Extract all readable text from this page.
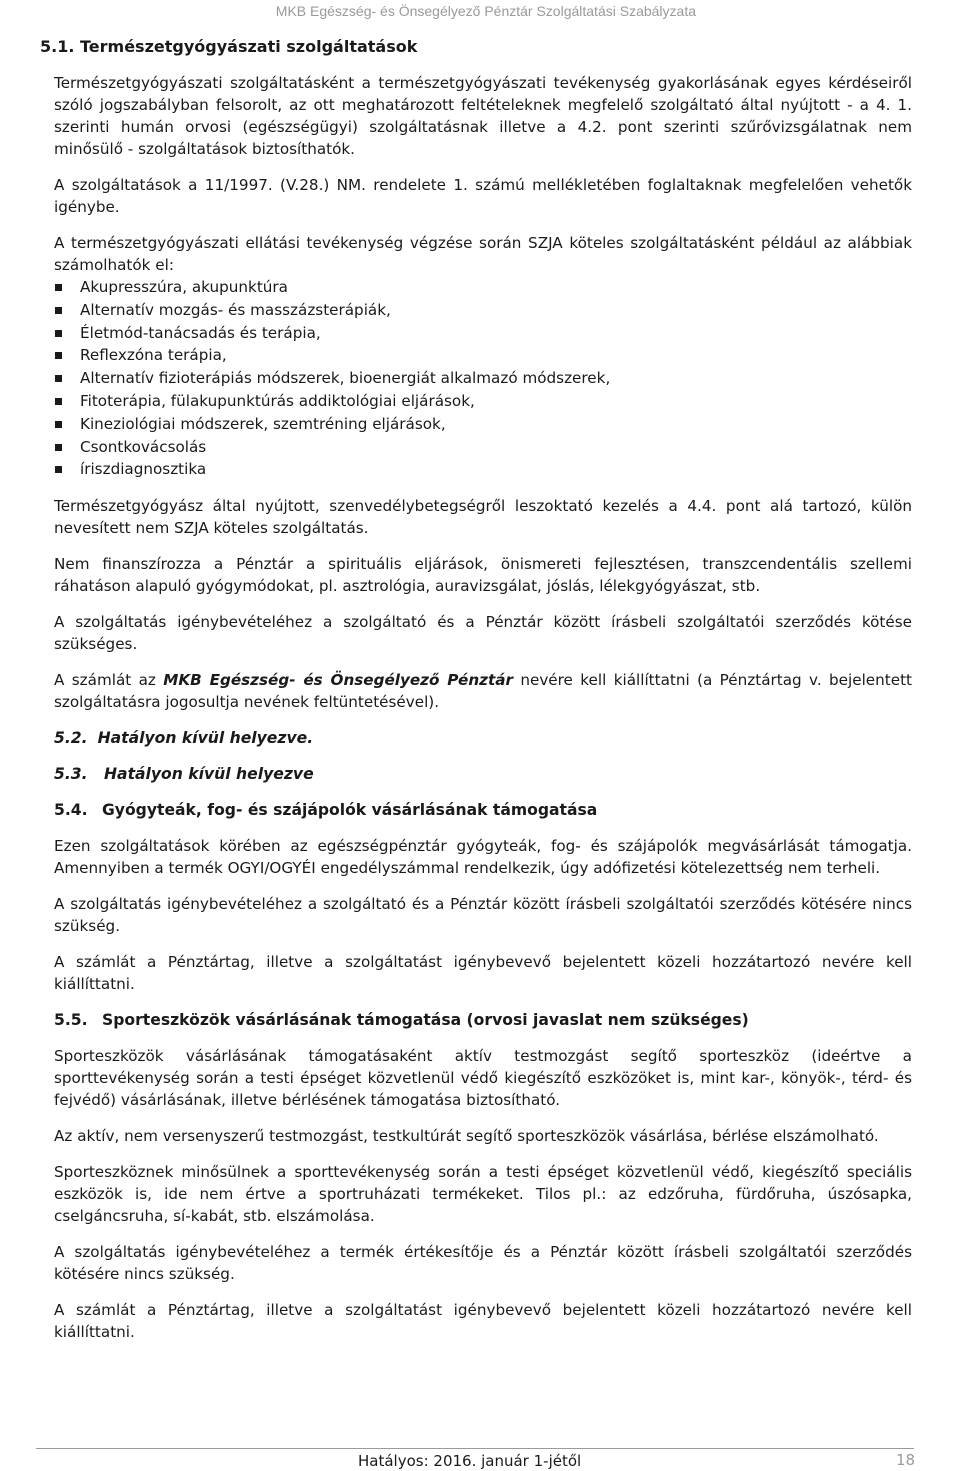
MKB Egészség- és Önsegélyező Pénztár Szolgáltatási Szabályzata
5.1. Természetgyógyászati szolgáltatások

Természetgyógyászati szolgáltatásként a természetgyógyászati tevékenység gyakorlásának egyes kérdéseiről szóló jogszabályban felsorolt, az ott meghatározott feltételeknek megfelelő szolgáltató által nyújtott - a 4. 1. szerinti humán orvosi (egészségügyi) szolgáltatásnak illetve a 4.2. pont szerinti szűrővizsgálatnak nem minősülő - szolgáltatások biztosíthatók.

A szolgáltatások a 11/1997. (V.28.) NM. rendelete 1. számú mellékletében foglaltaknak megfelelően vehetők igénybe.

A természetgyógyászati ellátási tevékenység végzése során SZJA köteles szolgáltatásként például az alábbiak számolhatók el:

Akupresszúra, akupunktúra
Alternatív mozgás- és masszázsterápiák,
Életmód-tanácsadás és terápia,
Reflexzóna terápia,
Alternatív fizioterápiás módszerek, bioenergiát alkalmazó módszerek,
Fitoterápia, fülakupunktúrás addiktológiai eljárások,
Kineziológiai módszerek, szemtréning eljárások,
Csontkovácsolás
íriszdiagnosztika

Természetgyógyász által nyújtott, szenvedélybetegségről leszoktató kezelés a 4.4. pont alá tartozó, külön nevesített nem SZJA köteles szolgáltatás.

Nem finanszírozza a Pénztár a spirituális eljárások, önismereti fejlesztésen, transzcendentális szellemi ráhatáson alapuló gyógymódokat, pl. asztrológia, auravizsgálat, jóslás, lélekgyógyászat, stb.

A szolgáltatás igénybevételéhez a szolgáltató és a Pénztár között írásbeli szolgáltatói szerződés kötése szükséges.

A számlát az MKB Egészség- és Önsegélyező Pénztár nevére kell kiállíttatni (a Pénztártag v. bejelentett szolgáltatásra jogosultja nevének feltüntetésével).

5.2. Hatályon kívül helyezve.
5.3. Hatályon kívül helyezve
5.4. Gyógyteák, fog- és szájápolók vásárlásának támogatása

Ezen szolgáltatások körében az egészségpénztár gyógyteák, fog- és szájápolók megvásárlását támogatja. Amennyiben a termék OGYI/OGYÉI engedélyszámmal rendelkezik, úgy adófizetési kötelezettség nem terheli.

A szolgáltatás igénybevételéhez a szolgáltató és a Pénztár között írásbeli szolgáltatói szerződés kötésére nincs szükség.

A számlát a Pénztártag, illetve a szolgáltatást igénybevevő bejelentett közeli hozzátartozó nevére kell kiállíttatni.

5.5. Sporteszközök vásárlásának támogatása (orvosi javaslat nem szükséges)

Sporteszközök vásárlásának támogatásaként aktív testmozgást segítő sporteszköz (ideértve a sporttevékenység során a testi épséget közvetlenül védő kiegészítő eszközöket is, mint kar-, könyök-, térd- és fejvédő) vásárlásának, illetve bérlésének támogatása biztosítható.

Az aktív, nem versenyszerű testmozgást, testkultúrát segítő sporteszközök vásárlása, bérlése elszámolható.

Sporteszköznek minősülnek a sporttevékenység során a testi épséget közvetlenül védő, kiegészítő speciális eszközök is, ide nem értve a sportruházati termékeket. Tilos pl.: az edzőruha, fürdőruha, úszósapka, cselgáncsruha, sí-kabát, stb. elszámolása.

A szolgáltatás igénybevételéhez a termék értékesítője és a Pénztár között írásbeli szolgáltatói szerződés kötésére nincs szükség.

A számlát a Pénztártag, illetve a szolgáltatást igénybevevő bejelentett közeli hozzátartozó nevére kell kiállíttatni.

Hatályos: 2016. január 1-jétől	18
